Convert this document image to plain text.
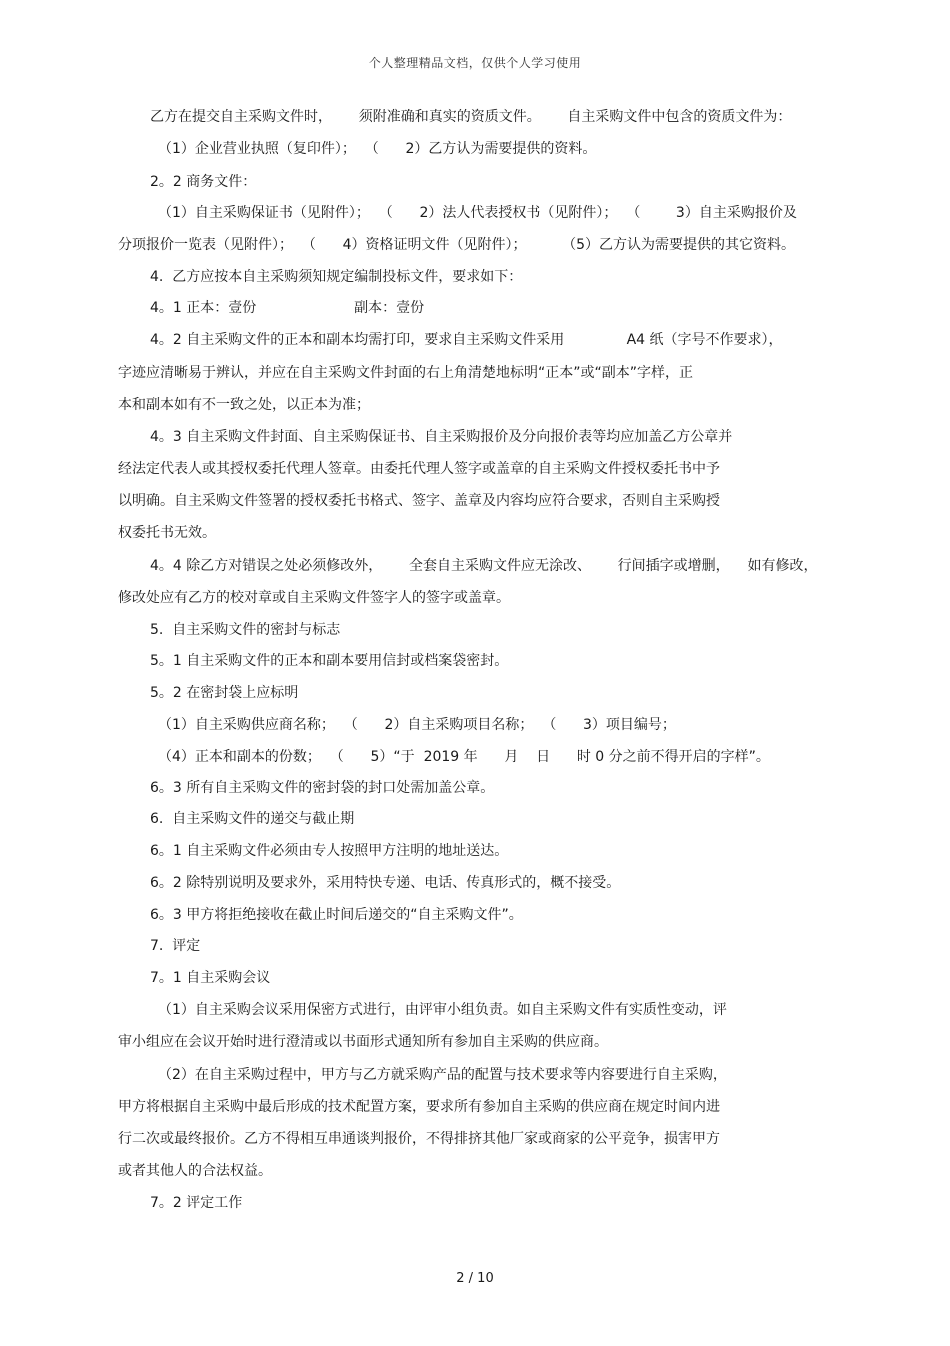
个人整理精品文档，仅供个人学习使用
乙方在提交自主采购文件时，      须附准确和真实的资质文件。      自主采购文件中包含的资质文件为：
（1）企业营业执照（复印件）；  （      2）乙方认为需要提供的资料。
2。2 商务文件：
（1）自主采购保证书（见附件）；  （      2）法人代表授权书（见附件）；  （        3）自主采购报价及
分项报价一览表（见附件）；  （      4）资格证明文件（见附件）；        （5）乙方认为需要提供的其它资料。
4.  乙方应按本自主采购须知规定编制投标文件，要求如下：
4。1 正本：壹份                      副本：壹份
4。2 自主采购文件的正本和副本均需打印，要求自主采购文件采用              A4 纸（字号不作要求），
字迹应清晰易于辨认，并应在自主采购文件封面的右上角清楚地标明“正本”或“副本”字样，正
本和副本如有不一致之处，以正本为准；
4。3 自主采购文件封面、自主采购保证书、自主采购报价及分向报价表等均应加盖乙方公章并
经法定代表人或其授权委托代理人签章。由委托代理人签字或盖章的自主采购文件授权委托书中予
以明确。自主采购文件签署的授权委托书格式、签字、盖章及内容均应符合要求，否则自主采购授
权委托书无效。
4。4 除乙方对错误之处必须修改外，      全套自主采购文件应无涂改、      行间插字或增删，    如有修改，
修改处应有乙方的校对章或自主采购文件签字人的签字或盖章。
5.  自主采购文件的密封与标志
5。1 自主采购文件的正本和副本要用信封或档案袋密封。
5。2 在密封袋上应标明
（1）自主采购供应商名称；  （      2）自主采购项目名称；  （      3）项目编号；
（4）正本和副本的份数；  （      5）“于  2019 年      月    日      时 0 分之前不得开启的字样”。
6。3 所有自主采购文件的密封袋的封口处需加盖公章。
6.  自主采购文件的递交与截止期
6。1 自主采购文件必须由专人按照甲方注明的地址送达。
6。2 除特别说明及要求外，采用特快专递、电话、传真形式的，概不接受。
6。3 甲方将拒绝接收在截止时间后递交的“自主采购文件”。
7.  评定
7。1 自主采购会议
（1）自主采购会议采用保密方式进行，由评审小组负责。如自主采购文件有实质性变动，评
审小组应在会议开始时进行澄清或以书面形式通知所有参加自主采购的供应商。
（2）在自主采购过程中，甲方与乙方就采购产品的配置与技术要求等内容要进行自主采购，
甲方将根据自主采购中最后形成的技术配置方案，要求所有参加自主采购的供应商在规定时间内进
行二次或最终报价。乙方不得相互串通谈判报价，不得排挤其他厂家或商家的公平竞争，损害甲方
或者其他人的合法权益。
7。2 评定工作
2 / 10
